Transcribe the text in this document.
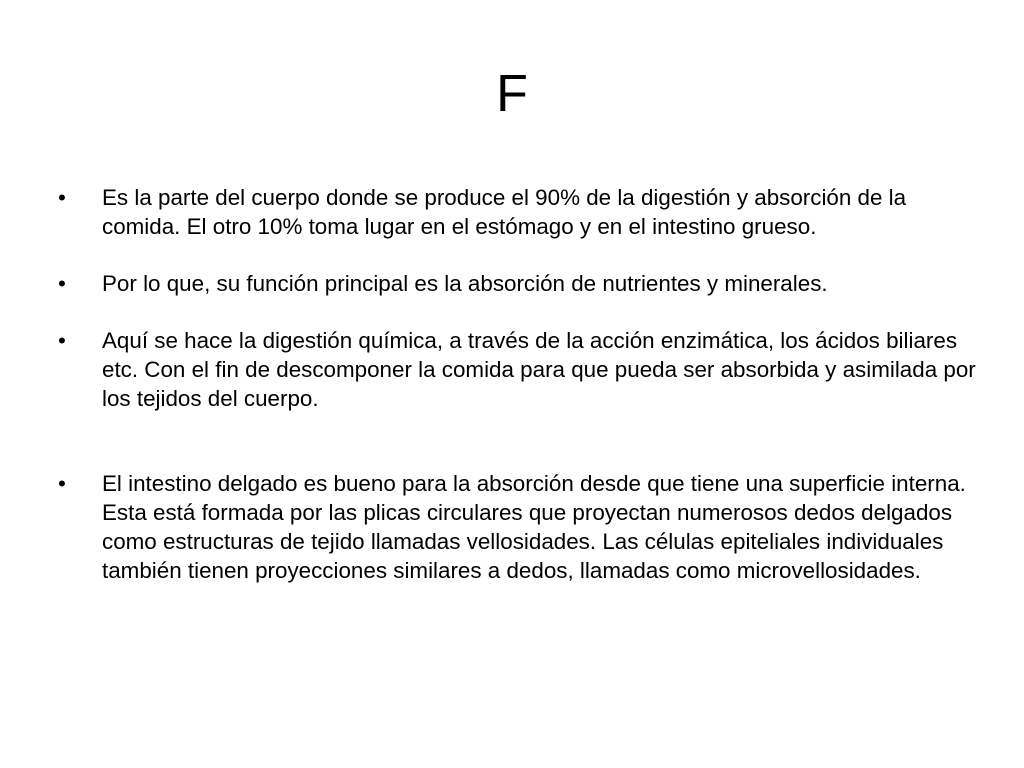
F
•	Es la parte del cuerpo donde se produce el 90% de la digestión y absorción de la comida. El otro 10% toma lugar en el estómago y en el intestino grueso.
•	Por lo que, su función principal es la absorción de nutrientes y minerales.
•	Aquí se hace la digestión química, a través de la acción enzimática, los ácidos biliares etc. Con el fin de descomponer la comida para que pueda ser absorbida y asimilada por los tejidos del cuerpo.
•	El intestino delgado es bueno para la absorción desde que tiene una superficie interna. Esta está formada por las plicas circulares que proyectan numerosos dedos delgados como estructuras de tejido llamadas vellosidades. Las células epiteliales individuales también tienen proyecciones similares a dedos, llamadas como microvellosidades.
